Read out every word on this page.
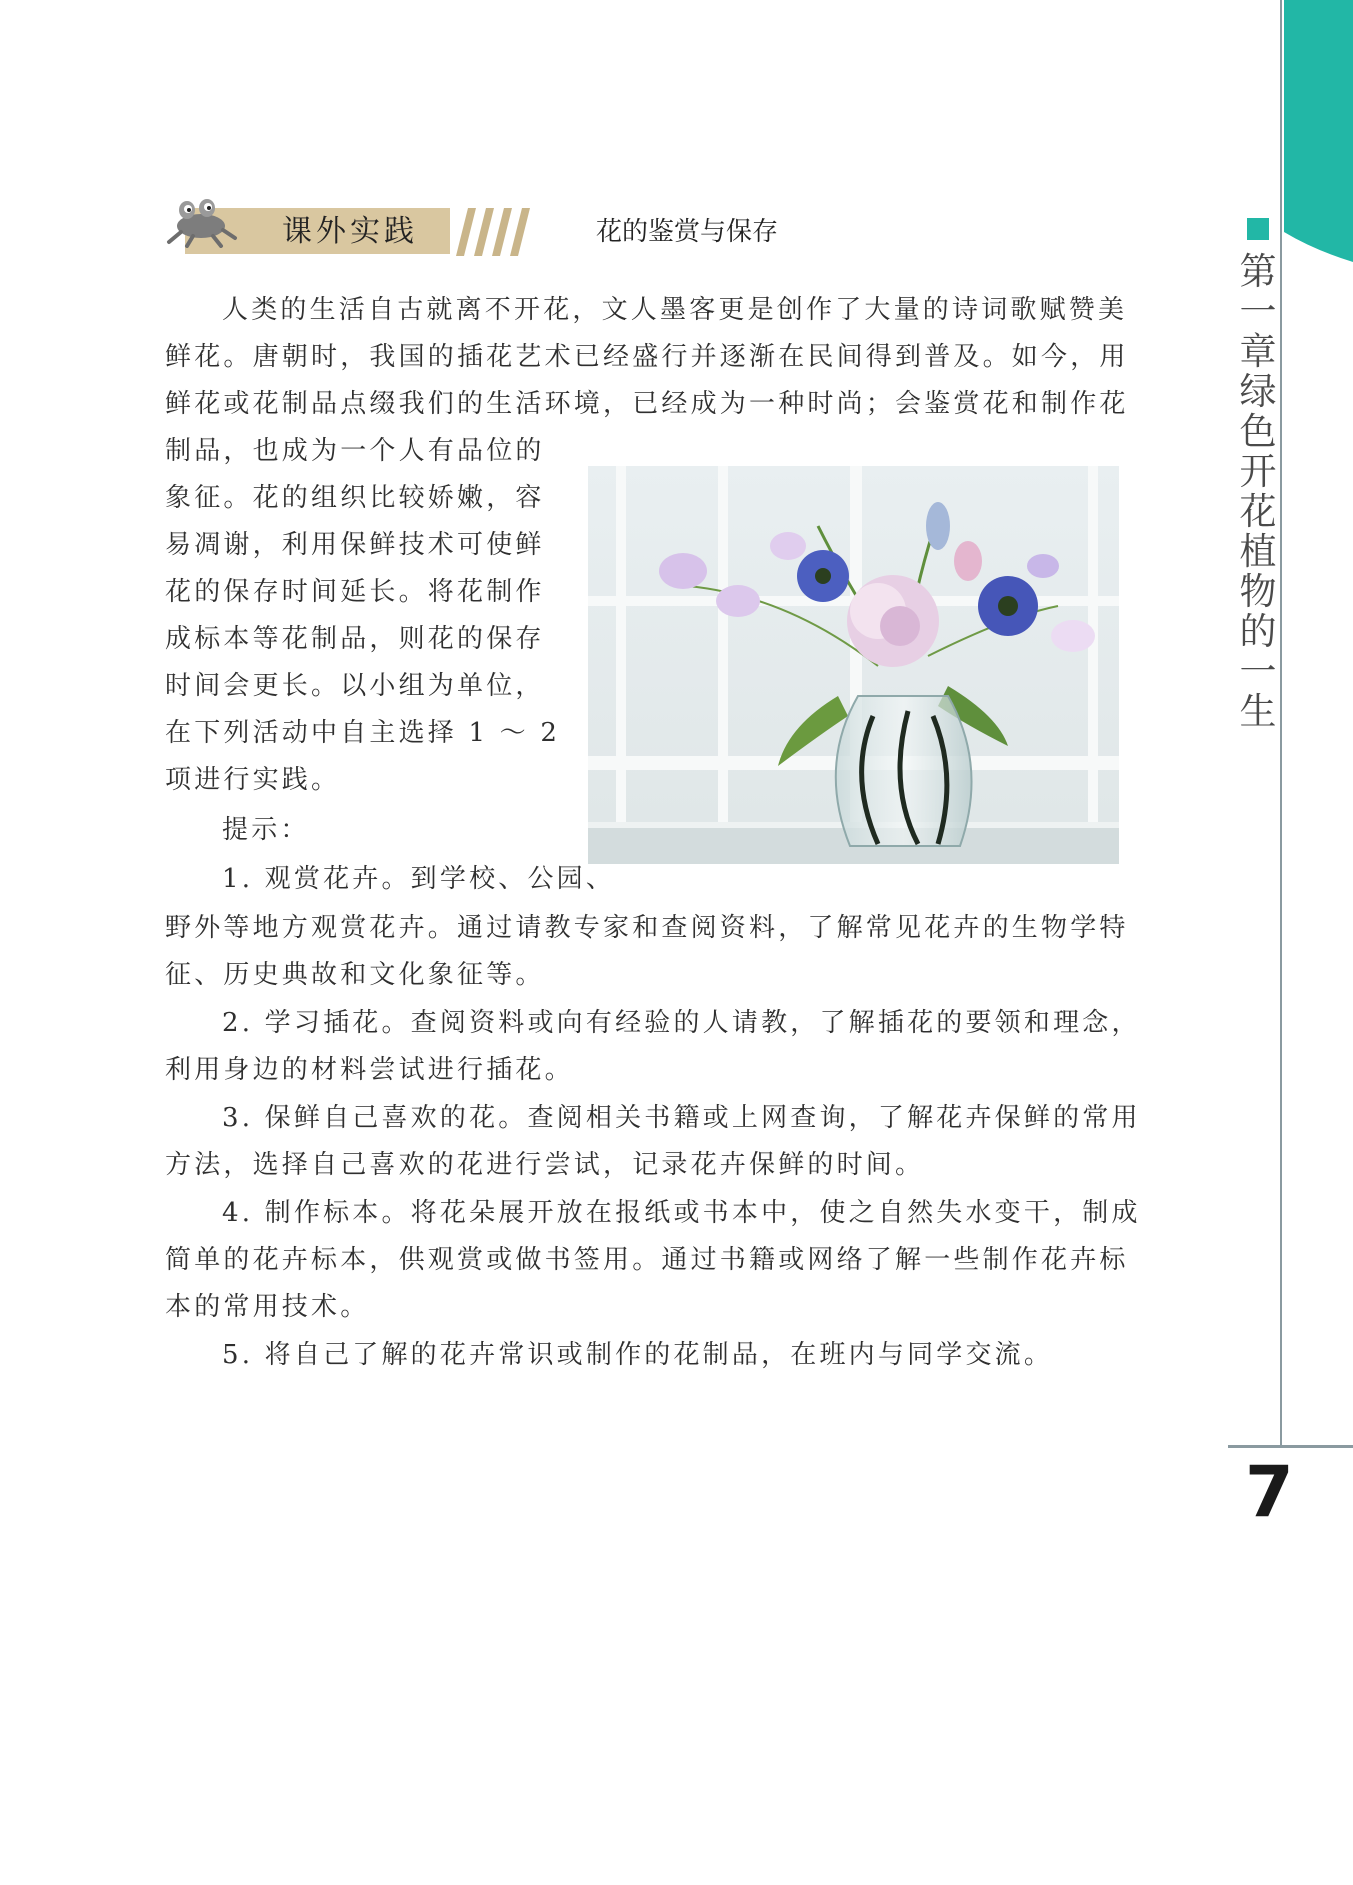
第一章 绿色开花植物的一生
7
课外实践	花的鉴赏与保存
人类的生活自古就离不开花，文人墨客更是创作了大量的诗词歌赋赞美
鲜花。唐朝时，我国的插花艺术已经盛行并逐渐在民间得到普及。如今，用
鲜花或花制品点缀我们的生活环境，已经成为一种时尚；会鉴赏花和制作花
制品，也成为一个人有品位的
象征。花的组织比较娇嫩，容
易凋谢，利用保鲜技术可使鲜
花的保存时间延长。将花制作
成标本等花制品，则花的保存
时间会更长。以小组为单位，
在下列活动中自主选择 1 ～ 2
项进行实践。
提示：
1. 观赏花卉。到学校、公园、
野外等地方观赏花卉。通过请教专家和查阅资料，了解常见花卉的生物学特
征、历史典故和文化象征等。
2. 学习插花。查阅资料或向有经验的人请教，了解插花的要领和理念，
利用身边的材料尝试进行插花。
3. 保鲜自己喜欢的花。查阅相关书籍或上网查询，了解花卉保鲜的常用
方法，选择自己喜欢的花进行尝试，记录花卉保鲜的时间。
4. 制作标本。将花朵展开放在报纸或书本中，使之自然失水变干，制成
简单的花卉标本，供观赏或做书签用。通过书籍或网络了解一些制作花卉标
本的常用技术。
5. 将自己了解的花卉常识或制作的花制品，在班内与同学交流。
